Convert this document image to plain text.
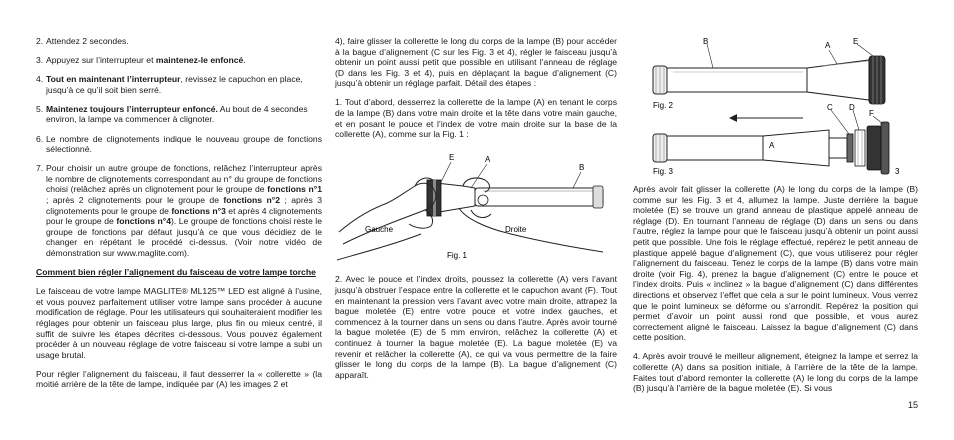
2. Attendez 2 secondes.

3. Appuyez sur l’interrupteur et maintenez-le enfoncé.

4. Tout en maintenant l’interrupteur, revissez le capuchon en place, jusqu’à ce qu’il soit bien serré.

5. Maintenez toujours l’interrupteur enfoncé. Au bout de 4 secondes environ, la lampe va commencer à clignoter.

6. Le nombre de clignotements indique le nouveau groupe de fonctions sélectionné.

7. Pour choisir un autre groupe de fonctions, relâchez l’interrupteur après le nombre de clignotements correspondant au n° du groupe de fonctions choisi (relâchez après un clignotement pour le groupe de fonctions n°1 ; après 2 clignotements pour le groupe de fonctions n°2 ; après 3 clignotements pour le groupe de fonctions n°3 et après 4 clignotements pour le groupe de fonctions n°4). Le groupe de fonctions choisi reste le groupe de fonctions par défaut jusqu’à ce que vous décidiez de le changer en répétant le procédé ci-dessus. (Voir notre vidéo de démonstration sur www.maglite.com).

Comment bien régler l’alignement du faisceau de votre lampe torche

Le faisceau de votre lampe MAGLITE® ML125™ LED est aligné à l’usine, et vous pouvez parfaitement utiliser votre lampe sans procéder à aucune modification de réglage. Pour les utilisateurs qui souhaiteraient modifier les réglages pour obtenir un faisceau plus large, plus fin ou mieux centré, il suffit de suivre les étapes décrites ci-dessous. Vous pouvez également procéder à un nouveau réglage de votre faisceau si votre lampe a subi un usage brutal.

Pour régler l’alignement du faisceau, il faut desserrer la « collerette » (la moitié arrière de la tête de lampe, indiquée par (A) les images 2 et

4), faire glisser la collerette le long du corps de la lampe (B) pour accéder à la bague d’alignement (C sur les Fig. 3 et 4), régler le faisceau jusqu’à obtenir un point aussi petit que possible en utilisant l’anneau de réglage (D dans les Fig. 3 et 4), puis en déplaçant la bague d’alignement (C) jusqu’à obtenir un réglage parfait. Détail des étapes :

1. Tout d’abord, desserrez la collerette de la lampe (A) en tenant le corps de la lampe (B) dans votre main droite et la tête dans votre main gauche, et en posant le pouce et l’index de votre main droite sur la base de la collerette (A), comme sur la Fig. 1 :

E	A
B
Gauche	Droite
Fig. 1

2. Avec le pouce et l’index droits, poussez la collerette (A) vers l’avant jusqu’à obstruer l’espace entre la collerette et le capuchon avant (F). Tout en maintenant la pression vers l’avant avec votre main droite, attrapez la bague moletée (E) entre votre pouce et votre index gauches, et commencez à la tourner dans un sens ou dans l’autre. Après avoir tourné la bague moletée (E) de 5 mm environ, relâchez la collerette (A) et continuez à tourner la bague moletée (E). La bague moletée (E) va revenir et relâcher la collerette (A), ce qui va vous permettre de la faire glisser le long du corps de la lampe (B). La bague d’alignement (C) apparaît.

B	A	E
Fig. 2	C D
F
A
Fig. 3	3

Après avoir fait glisser la collerette (A) le long du corps de la lampe (B) comme sur les Fig. 3 et 4, allumez la lampe. Juste derrière la bague moletée (E) se trouve un grand anneau de plastique appelé anneau de réglage (D). En tournant l’anneau de réglage (D) dans un sens ou dans l’autre, réglez la lampe pour que le faisceau jusqu’à obtenir un point aussi petit que possible. Une fois le réglage effectué, repérez le petit anneau de plastique appelé bague d’alignement (C), que vous utiliserez pour régler l’alignement du faisceau. Tenez le corps de la lampe (B) dans votre main droite (voir Fig. 4), prenez la bague d’alignement (C) entre le pouce et l’index droits. Puis « inclinez » la bague d’alignement (C) dans différentes directions et observez l’effet que cela a sur le point lumineux. Vous verrez que le point lumineux se déforme ou s’arrondit. Repérez la position qui permet d’avoir un point aussi rond que possible, et vous aurez correctement aligné le faisceau. Laissez la bague d’alignement (C) dans cette position.

4. Après avoir trouvé le meilleur alignement, éteignez la lampe et serrez la collerette (A) dans sa position initiale, à l’arrière de la tête de la lampe. Faites tout d’abord remonter la collerette (A) le long du corps de la lampe (B) jusqu’à l’arrière de la bague moletée (E). Si vous

15
